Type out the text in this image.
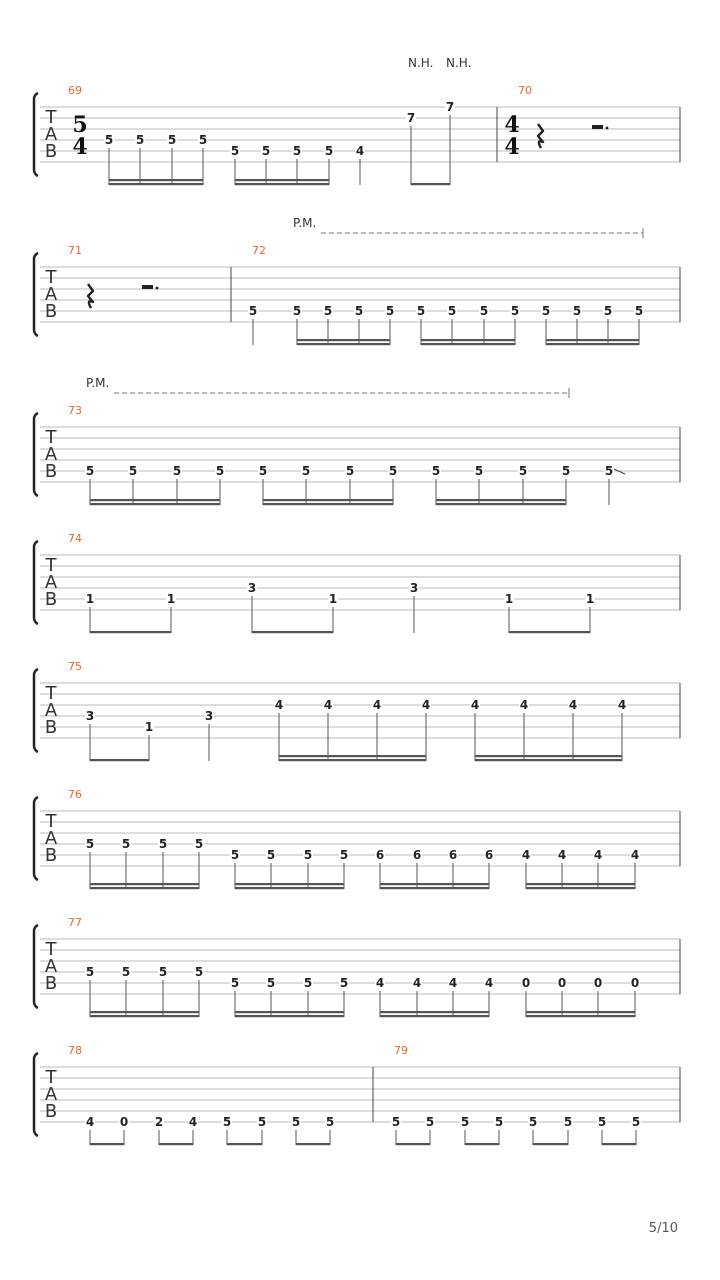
T
A
B
N.H. N.H.
69
5
4 5 5 5 5
5 5 5 5 4
7
7
70
4
4
T
A
B
P.M.
71	72
5	5 5 5 5 5 5 5 5 5 5 5 5
T
A
B
P.M.
73
5	5	5	5	5	5	5	5	5	5	5	5	5
T
A
B
74
1	1
3
1
3
1	1
T
A
B
75
3
1
3
4	4	4	4	4	4	4	4
T
A
B
76
5 5 5 5
5 5 5 5 6 6 6 6 4 4 4 4
T
A
B
77
5 5 5 5
5 5 5 5 4 4 4 4 0 0 0 0
T
A
B
78
4 0 2 4 5 5 5 5
79
5 5 5 5 5 5 5 5
5/10
